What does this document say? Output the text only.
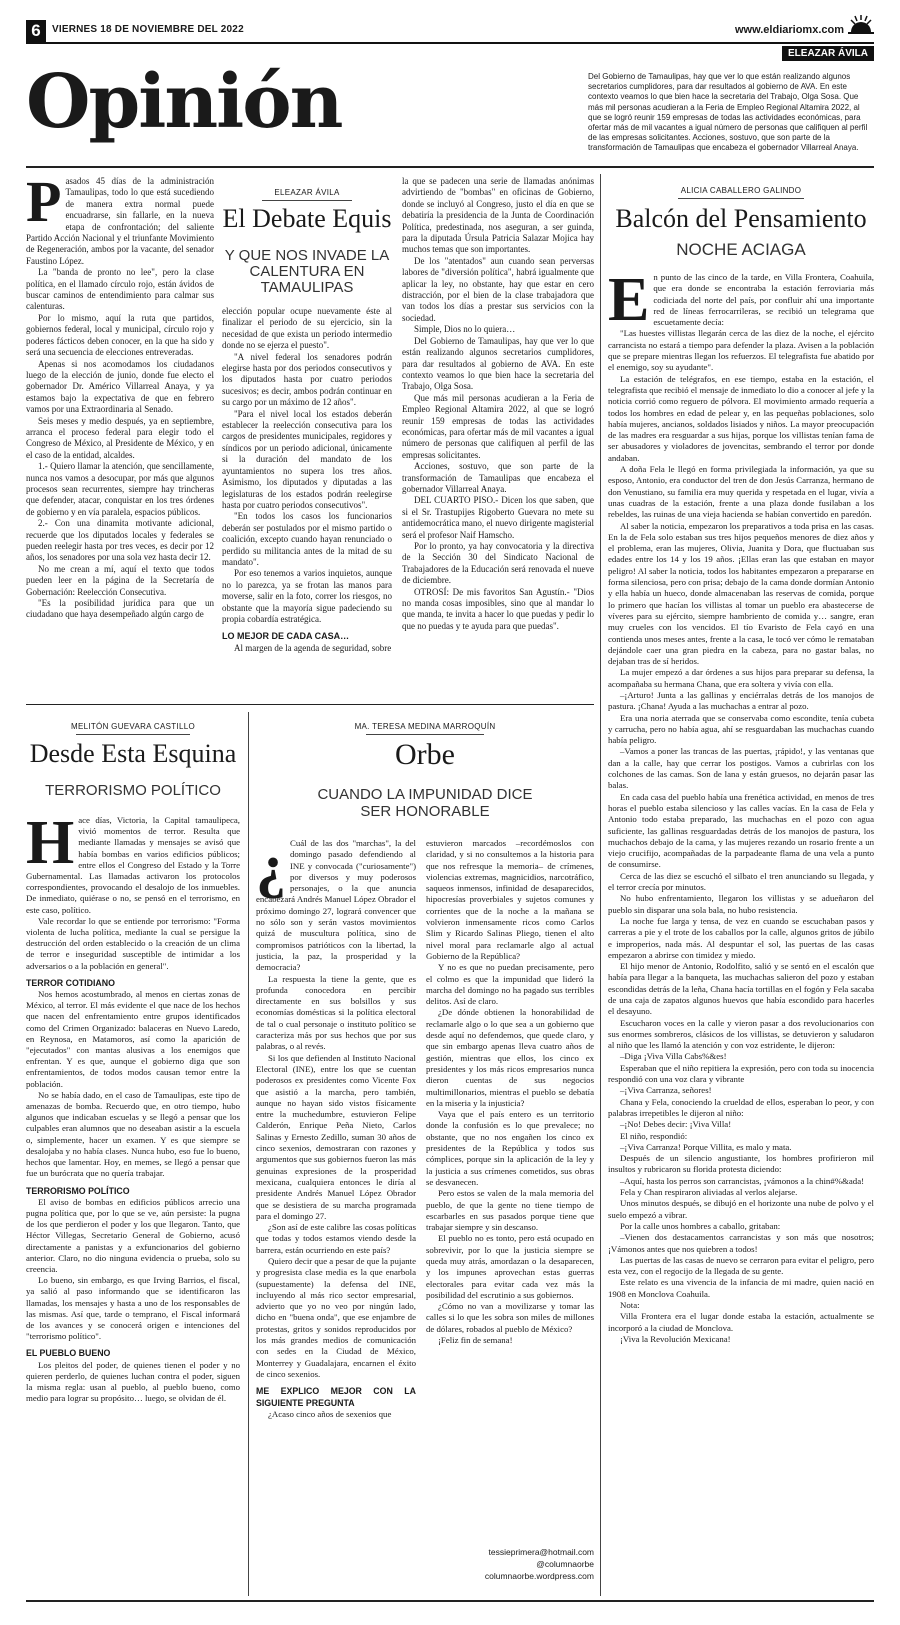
6	VIERNES 18 DE NOVIEMBRE DEL 2022	www.eldiariomx.com
ELEAZAR ÁVILA
Opinión	Del Gobierno de Tamaulipas, hay que ver lo que están realizando algunos secretarios cumplidores, para dar resultados al gobierno de AVA. En este contexto veamos lo que bien hace la secretaria del Trabajo, Olga Sosa. Que más mil personas acudieran a la Feria de Empleo Regional Altamira 2022, al que se logró reunir 159 empresas de todas las actividades económicas, para ofertar más de mil vacantes a igual número de personas que califiquen al perfil de las empresas solicitantes. Acciones, sostuvo, que son parte de la transformación de Tamaulipas que encabeza el gobernador Villarreal Anaya.
P asados 45 días de la administración Tamaulipas, todo lo que está sucediendo de manera extra normal puede encuadrarse, sin fallarle, en la nueva etapa de confrontación; del saliente Partido Acción Nacional y el triunfante Movimiento de Regeneración, ambos por la vacante, del senador Faustino López.

La "banda de pronto no lee", pero la clase política, en el llamado círculo rojo, están ávidos de buscar caminos de entendimiento para calmar sus calenturas.

Por lo mismo, aquí la ruta que partidos, gobiernos federal, local y municipal, círculo rojo y poderes fácticos deben conocer, en la que ha sido y será una secuencia de elecciones entreveradas.

Apenas si nos acomodamos los ciudadanos luego de la elección de junio, donde fue electo el gobernador Dr. Américo Villarreal Anaya, y ya estamos bajo la expectativa de que en febrero vamos por una Extraordinaria al Senado.

Seis meses y medio después, ya en septiembre, arranca el proceso federal para elegir todo el Congreso de México, al Presidente de México, y en el caso de la entidad, alcaldes.

1.- Quiero llamar la atención, que sencillamente, nunca nos vamos a desocupar, por más que algunos procesos sean recurrentes, siempre hay trincheras que defender, atacar, conquistar en los tres órdenes de gobierno y en vía paralela, espacios públicos.

2.- Con una dinamita motivante adicional, recuerde que los diputados locales y federales se pueden reelegir hasta por tres veces, es decir por 12 años, los senadores por una sola vez hasta decir 12.

No me crean a mí, aquí el texto que todos pueden leer en la página de la Secretaría de Gobernación: Reelección Consecutiva.

"Es la posibilidad jurídica para que un ciudadano que haya desempeñado algún cargo de

ELEAZAR ÁVILA
El Debate Equis
Y QUE NOS INVADE LA CALENTURA EN TAMAULIPAS

elección popular ocupe nuevamente éste al finalizar el periodo de su ejercicio, sin la necesidad de que exista un periodo intermedio donde no se ejerza el puesto".

"A nivel federal los senadores podrán elegirse hasta por dos periodos consecutivos y los diputados hasta por cuatro periodos sucesivos; es decir, ambos podrán continuar en su cargo por un máximo de 12 años".

"Para el nivel local los estados deberán establecer la reelección consecutiva para los cargos de presidentes municipales, regidores y síndicos por un periodo adicional, únicamente si la duración del mandato de los ayuntamientos no supera los tres años. Asimismo, los diputados y diputadas a las legislaturas de los estados podrán reelegirse hasta por cuatro periodos consecutivos".

"En todos los casos los funcionarios deberán ser postulados por el mismo partido o coalición, excepto cuando hayan renunciado o perdido su militancia antes de la mitad de su mandato".

Por eso tenemos a varios inquietos, aunque no lo parezca, ya se frotan las manos para moverse, salir en la foto, correr los riesgos, no obstante que la mayoría sigue padeciendo su propia cobardía estratégica.

LO MEJOR DE CADA CASA…

Al margen de la agenda de seguridad, sobre

la que se padecen una serie de llamadas anónimas advirtiendo de "bombas" en oficinas de Gobierno, donde se incluyó al Congreso, justo el día en que se debatiría la presidencia de la Junta de Coordinación Política, predestinada, nos aseguran, a ser guinda, para la diputada Úrsula Patricia Salazar Mojica hay muchos temas que son importantes.

De los "atentados" aun cuando sean perversas labores de "diversión política", habrá igualmente que aplicar la ley, no obstante, hay que estar en cero distracción, por el bien de la clase trabajadora que van todos los días a prestar sus servicios con la sociedad.

Simple, Dios no lo quiera…

Del Gobierno de Tamaulipas, hay que ver lo que están realizando algunos secretarios cumplidores, para dar resultados al gobierno de AVA. En este contexto veamos lo que bien hace la secretaria del Trabajo, Olga Sosa.

Que más mil personas acudieran a la Feria de Empleo Regional Altamira 2022, al que se logró reunir 159 empresas de todas las actividades económicas, para ofertar más de mil vacantes a igual número de personas que califiquen al perfil de las empresas solicitantes.

Acciones, sostuvo, que son parte de la transformación de Tamaulipas que encabeza el gobernador Villarreal Anaya.

DEL CUARTO PISO.- Dicen los que saben, que si el Sr. Trastupijes Rigoberto Guevara no mete su antidemocrática mano, el nuevo dirigente magisterial será el profesor Naif Hamscho.

Por lo pronto, ya hay convocatoria y la directiva de la Sección 30 del Sindicato Nacional de Trabajadores de la Educación será renovada el nueve de diciembre.

OTROSÍ: De mis favoritos San Agustín.- "Dios no manda cosas imposibles, sino que al mandar lo que manda, te invita a hacer lo que puedas y pedir lo que no puedas y te ayuda para que puedas".

ALICIA CABALLERO GALINDO
Balcón del Pensamiento
NOCHE ACIAGA
E n punto de las cinco de la tarde, en Villa Frontera, Coahuila, que era donde se encontraba la estación ferroviaria más codiciada del norte del país, por confluir ahí una importante red de líneas ferrocarrileras, se recibió un telegrama que escuetamente decía:

"Las huestes villistas llegarán cerca de las diez de la noche, el ejército carrancista no estará a tiempo para defender la plaza. Avisen a la población que se prepare mientras llegan los refuerzos. El telegrafista fue abatido por el enemigo, soy su ayudante".

La estación de telégrafos, en ese tiempo, estaba en la estación, el telegrafista que recibió el mensaje de inmediato lo dio a conocer al jefe y la noticia corrió como reguero de pólvora. El movimiento armado requería a todos los hombres en edad de pelear y, en las pequeñas poblaciones, solo había mujeres, ancianos, soldados lisiados y niños. La mayor preocupación de las madres era resguardar a sus hijas, porque los villistas tenían fama de ser abusadores y violadores de jovencitas, sembrando el terror por donde andaban.

A doña Fela le llegó en forma privilegiada la información, ya que su esposo, Antonio, era conductor del tren de don Jesús Carranza, hermano de don Venustiano, su familia era muy querida y respetada en el lugar, vivía a unas cuadras de la estación, frente a una plaza donde fusilaban a los rebeldes, las ruinas de una vieja hacienda se habían convertido en paredón.

Al saber la noticia, empezaron los preparativos a toda prisa en las casas. En la de Fela solo estaban sus tres hijos pequeños menores de diez años y el problema, eran las mujeres, Olivia, Juanita y Dora, que fluctuaban sus edades entre los 14 y los 19 años. ¡Ellas eran las que estaban en mayor peligro! Al saber la noticia, todos los habitantes empezaron a prepararse en forma silenciosa, pero con prisa; debajo de la cama donde dormían Antonio y ella había un hueco, donde almacenaban las reservas de comida, porque lo primero que hacían los villistas al tomar un pueblo era abastecerse de víveres para su ejército, siempre hambriento de comida y… sangre, eran muy crueles con los vencidos. El tío Evaristo de Fela cayó en una contienda unos meses antes, frente a la casa, le tocó ver cómo le remataban dejándole caer una gran piedra en la cabeza, para no gastar balas, no dejaban tras de sí heridos.

La mujer empezó a dar órdenes a sus hijos para preparar su defensa, la acompañaba su hermana Chana, que era soltera y vivía con ella.

–¡Arturo! Junta a las gallinas y enciérralas detrás de los manojos de pastura. ¡Chana! Ayuda a las muchachas a entrar al pozo.

Era una noria aterrada que se conservaba como escondite, tenía cubeta y carrucha, pero no había agua, ahí se resguardaban las muchachas cuando había peligro.

–Vamos a poner las trancas de las puertas, ¡rápido!, y las ventanas que dan a la calle, hay que cerrar los postigos. Vamos a cubrirlas con los colchones de las camas. Son de lana y están gruesos, no dejarán pasar las balas.

En cada casa del pueblo había una frenética actividad, en menos de tres horas el pueblo estaba silencioso y las calles vacías. En la casa de Fela y Antonio todo estaba preparado, las muchachas en el pozo con agua suficiente, las gallinas resguardadas detrás de los manojos de pastura, los muchachos debajo de la cama, y las mujeres rezando un rosario frente a un viejo crucifijo, acompañadas de la parpadeante flama de una vela a punto de consumirse.

Cerca de las diez se escuchó el silbato el tren anunciando su llegada, y el terror crecía por minutos.

No hubo enfrentamiento, llegaron los villistas y se adueñaron del pueblo sin disparar una sola bala, no hubo resistencia.

La noche fue larga y tensa, de vez en cuando se escuchaban pasos y carreras a pie y el trote de los caballos por la calle, algunos gritos de júbilo e improperios, nada más. Al despuntar el sol, las puertas de las casas empezaron a abrirse con timidez y miedo.

El hijo menor de Antonio, Rodolfito, salió y se sentó en el escalón que había para llegar a la banqueta, las muchachas salieron del pozo y estaban escondidas detrás de la leña, Chana hacía tortillas en el fogón y Fela sacaba de una caja de zapatos algunos huevos que había escondido para hacerles el desayuno.

Escucharon voces en la calle y vieron pasar a dos revolucionarios con sus enormes sombreros, clásicos de los villistas, se detuvieron y saludaron al niño que les llamó la atención y con voz estridente, le dijeron:

–Diga ¡Viva Villa Cabs%&es!

Esperaban que el niño repitiera la expresión, pero con toda su inocencia respondió con una voz clara y vibrante

–¡Viva Carranza, señores!

Chana y Fela, conociendo la crueldad de ellos, esperaban lo peor, y con palabras irrepetibles le dijeron al niño:

–¡No! Debes decir: ¡Viva Villa!

El niño, respondió:

–¡Viva Carranza! Porque Villita, es malo y mata.

Después de un silencio angustiante, los hombres profirieron mil insultos y rubricaron su florida protesta diciendo:

–Aquí, hasta los perros son carrancistas, ¡vámonos a la chin#%&ada!

Fela y Chan respiraron aliviadas al verlos alejarse.

Unos minutos después, se dibujó en el horizonte una nube de polvo y el suelo empezó a vibrar.

Por la calle unos hombres a caballo, gritaban:

–Vienen dos destacamentos carrancistas y son más que nosotros; ¡Vámonos antes que nos quiebren a todos!

Las puertas de las casas de nuevo se cerraron para evitar el peligro, pero esta vez, con el regocijo de la llegada de su gente.

Este relato es una vivencia de la infancia de mi madre, quien nació en 1908 en Monclova Coahuila.

Nota:

Villa Frontera era el lugar donde estaba la estación, actualmente se incorporó a la ciudad de Monclova.

¡Viva la Revolución Mexicana!

MELITÓN GUEVARA CASTILLO
Desde Esta Esquina
TERRORISMO POLÍTICO
H ace días, Victoria, la Capital tamaulipeca, vivió momentos de terror. Resulta que mediante llamadas y mensajes se avisó que había bombas en varios edificios públicos; entre ellos el Congreso del Estado y la Torre Gubernamental. Las llamadas activaron los protocolos correspondientes, provocando el desalojo de los inmuebles. De inmediato, quiérase o no, se pensó en el terrorismo, en este caso, político.

Vale recordar lo que se entiende por terrorismo: "Forma violenta de lucha política, mediante la cual se persigue la destrucción del orden establecido o la creación de un clima de terror e inseguridad susceptible de intimidar a los adversarios o a la población en general".

TERROR COTIDIANO

Nos hemos acostumbrado, al menos en ciertas zonas de México, al terror. El más evidente el que nace de los hechos que nacen del enfrentamiento entre grupos identificados como del Crimen Organizado: balaceras en Nuevo Laredo, en Reynosa, en Matamoros, así como la aparición de "ejecutados" con mantas alusivas a los enemigos que enfrentan. Y es que, aunque el gobierno diga que son enfrentamientos, de todos modos causan temor entre la población.

No se había dado, en el caso de Tamaulipas, este tipo de amenazas de bomba. Recuerdo que, en otro tiempo, hubo algunos que indicaban escuelas y se llegó a pensar que los culpables eran alumnos que no deseaban asistir a la escuela o, simplemente, hacer un examen. Y es que siempre se desalojaba y no había clases. Nunca hubo, eso fue lo bueno, hechos que lamentar. Hoy, en memes, se llegó a pensar que fue un burócrata que no quería trabajar.

TERRORISMO POLÍTICO

El aviso de bombas en edificios públicos arrecio una pugna política que, por lo que se ve, aún persiste: la pugna de los que perdieron el poder y los que llegaron. Tanto, que Héctor Villegas, Secretario General de Gobierno, acusó directamente a panistas y a exfuncionarios del gobierno anterior. Claro, no dio ninguna evidencia o prueba, solo su creencia.

Lo bueno, sin embargo, es que Irving Barrios, el fiscal, ya salió al paso informando que se identificaron las llamadas, los mensajes y hasta a uno de los responsables de las mismas. Así que, tarde o temprano, el Fiscal informará de los avances y se conocerá origen e intenciones del "terrorismo político".

EL PUEBLO BUENO

Los pleitos del poder, de quienes tienen el poder y no quieren perderlo, de quienes luchan contra el poder, siguen la misma regla: usan al pueblo, al pueblo bueno, como medio para lograr su propósito… luego, se olvidan de él.

MA. TERESA MEDINA MARROQUÍN
Orbe
CUANDO LA IMPUNIDAD DICE SER HONORABLE
¿ Cuál de las dos "marchas", la del domingo pasado defendiendo al INE y convocada ("curiosamente") por diversos y muy poderosos personajes, o la que anuncia encabezará Andrés Manuel López Obrador el próximo domingo 27, logrará convencer que no sólo son y serán vastos movimientos quizá de muscultura política, sino de compromisos patrióticos con la libertad, la justicia, la paz, la prosperidad y la democracia?

La respuesta la tiene la gente, que es profunda conocedora en percibir directamente en sus bolsillos y sus economías domésticas si la política electoral de tal o cual personaje o instituto político se caracteriza más por sus hechos que por sus palabras, o al revés.

Si los que defienden al Instituto Nacional Electoral (INE), entre los que se cuentan poderosos ex presidentes como Vicente Fox que asistió a la marcha, pero también, aunque no hayan sido vistos físicamente entre la muchedumbre, estuvieron Felipe Calderón, Enrique Peña Nieto, Carlos Salinas y Ernesto Zedillo, suman 30 años de cinco sexenios, demostraran con razones y argumentos que sus gobiernos fueron las más genuinas expresiones de la prosperidad mexicana, cualquiera entonces le diría al presidente Andrés Manuel López Obrador que se desistiera de su marcha programada para el domingo 27.

¿Son así de este calibre las cosas políticas que todas y todos estamos viendo desde la barrera, están ocurriendo en este país?

Quiero decir que a pesar de que la pujante y progresista clase media es la que enarbola (supuestamente) la defensa del INE, incluyendo al más rico sector empresarial, advierto que yo no veo por ningún lado, dicho en "buena onda", que ese enjambre de protestas, gritos y sonidos reproducidos por los más grandes medios de comunicación con sedes en la Ciudad de México, Monterrey y Guadalajara, encarnen el éxito de cinco sexenios.

ME EXPLICO MEJOR CON LA SIGUIENTE PREGUNTA

¿Acaso cinco años de sexenios que

estuvieron marcados –recordémoslos con claridad, y si no consultemos a la historia para que nos refresque la memoria– de crímenes, violencias extremas, magnicidios, narcotráfico, saqueos inmensos, infinidad de desaparecidos, hipocresías proverbiales y sujetos comunes y corrientes que de la noche a la mañana se volvieron inmensamente ricos como Carlos Slim y Ricardo Salinas Pliego, tienen el alto nivel moral para reclamarle algo al actual Gobierno de la República?

Y no es que no puedan precisamente, pero el colmo es que la impunidad que lideró la marcha del domingo no ha pagado sus terribles delitos. Así de claro.

¿De dónde obtienen la honorabilidad de reclamarle algo o lo que sea a un gobierno que desde aquí no defendemos, que quede claro, y que sin embargo apenas lleva cuatro años de gestión, mientras que ellos, los cinco ex presidentes y los más ricos empresarios nunca dieron cuentas de sus negocios multimillonarios, mientras el pueblo se debatía en la miseria y la injusticia?

Vaya que el país entero es un territorio donde la confusión es lo que prevalece; no obstante, que no nos engañen los cinco ex presidentes de la República y todos sus cómplices, porque sin la aplicación de la ley y la justicia a sus crímenes cometidos, sus obras se desvanecen.

Pero estos se valen de la mala memoria del pueblo, de que la gente no tiene tiempo de escarbarles en sus pasados porque tiene que trabajar siempre y sin descanso.

El pueblo no es tonto, pero está ocupado en sobrevivir, por lo que la justicia siempre se queda muy atrás, amordazan o la desaparecen, y los impunes aprovechan estas guerras electorales para evitar cada vez más la posibilidad del escrutinio a sus gobiernos.

¿Cómo no van a movilizarse y tomar las calles si lo que les sobra son miles de millones de dólares, robados al pueblo de México?

¡Feliz fin de semana!

tessieprimera@hotmail.com
@columnaorbe
columnaorbe.wordpress.com
